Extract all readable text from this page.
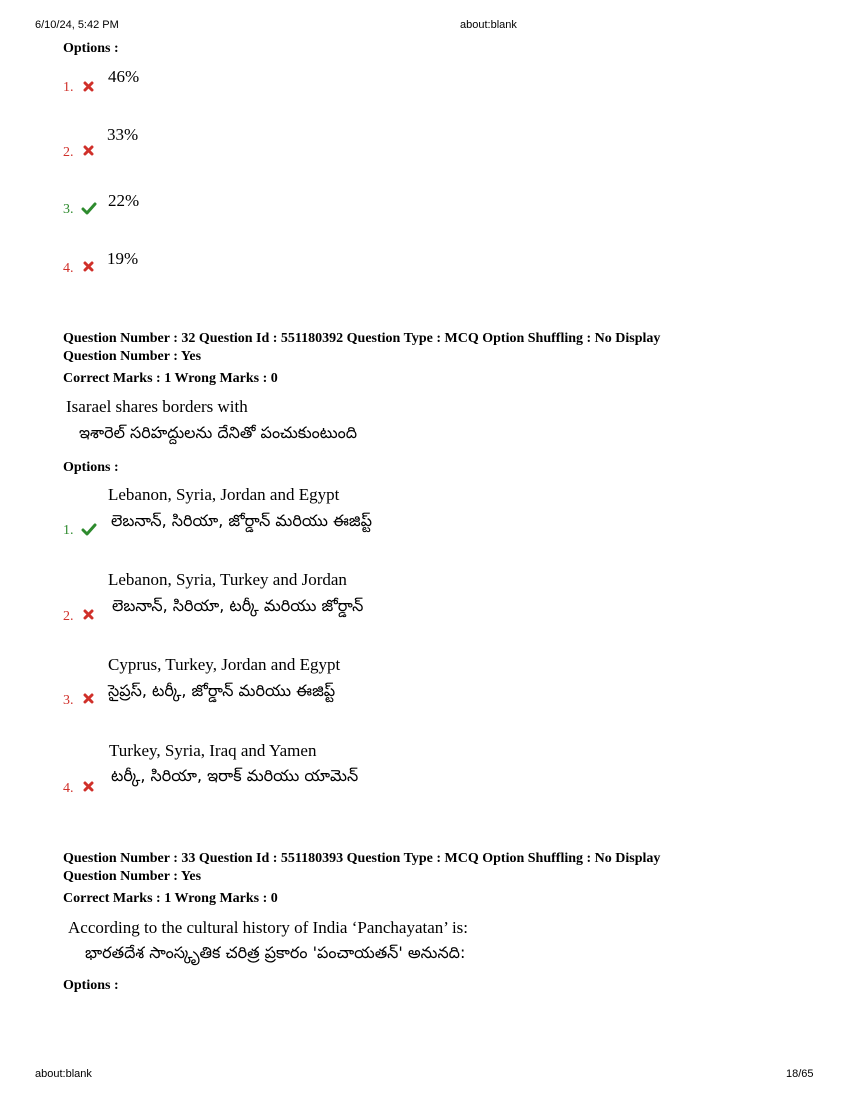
6/10/24, 5:42 PM	about:blank
Options :
1.
46%
2.
33%
3. 22%
4.
19%
Question Number : 32 Question Id : 551180392 Question Type : MCQ Option Shuffling : No Display
Question Number : Yes
Correct Marks : 1 Wrong Marks : 0
Isarael shares borders with
ఇశారెల్ సరిహద్దులను దేనితో పంచుకుంటుంది
Options :
1.
Lebanon, Syria, Jordan and Egypt
లెబనాన్, సిరియా, జోర్డాన్ మరియు ఈజిప్ట్
2.
Lebanon, Syria, Turkey and Jordan
లెబనాన్, సిరియా, టర్కీ మరియు జోర్డాన్
3.
Cyprus, Turkey, Jordan and Egypt
సైప్రస్, టర్కీ, జోర్డాన్ మరియు ఈజిప్ట్
4.
Turkey, Syria, Iraq and Yamen
టర్కీ, సిరియా, ఇరాక్ మరియు యామెన్
Question Number : 33 Question Id : 551180393 Question Type : MCQ Option Shuffling : No Display
Question Number : Yes
Correct Marks : 1 Wrong Marks : 0
According to the cultural history of India ‘Panchayatan’ is:
భారతదేశ సాంస్కృతిక చరిత్ర ప్రకారం 'పంచాయతన్' అనునది:
Options :
about:blank	18/65
